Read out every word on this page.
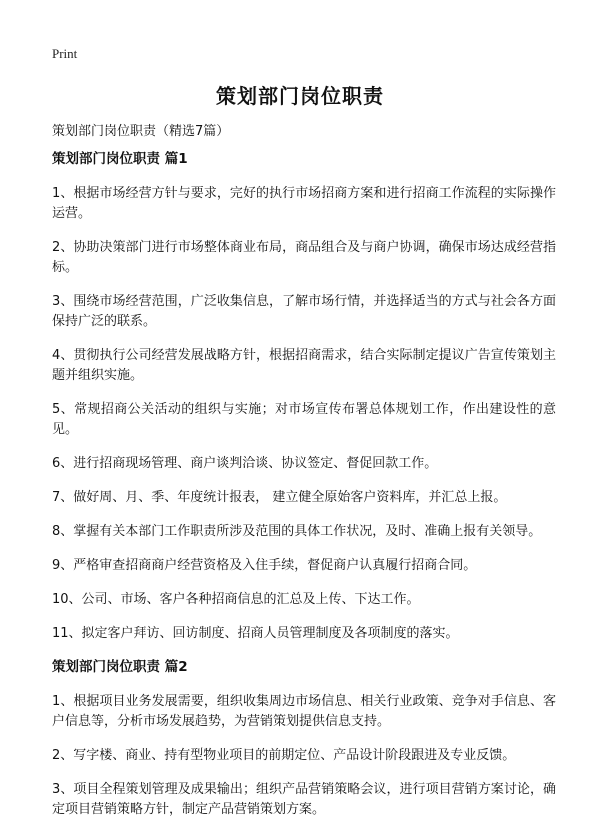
Print
策划部门岗位职责

策划部门岗位职责（精选7篇）

策划部门岗位职责 篇1

1、根据市场经营方针与要求，完好的执行市场招商方案和进行招商工作流程的实际操作运营。

2、协助决策部门进行市场整体商业布局，商品组合及与商户协调，确保市场达成经营指标。

3、围绕市场经营范围，广泛收集信息，了解市场行情，并选择适当的方式与社会各方面保持广泛的联系。

4、贯彻执行公司经营发展战略方针，根据招商需求，结合实际制定提议广告宣传策划主题并组织实施。

5、常规招商公关活动的组织与实施；对市场宣传布署总体规划工作，作出建设性的意见。

6、进行招商现场管理、商户谈判洽谈、协议签定、督促回款工作。

7、做好周、月、季、年度统计报表， 建立健全原始客户资料库，并汇总上报。

8、掌握有关本部门工作职责所涉及范围的具体工作状况，及时、准确上报有关领导。

9、严格审查招商商户经营资格及入住手续，督促商户认真履行招商合同。

10、公司、市场、客户各种招商信息的汇总及上传、下达工作。

11、拟定客户拜访、回访制度、招商人员管理制度及各项制度的落实。

策划部门岗位职责 篇2

1、根据项目业务发展需要，组织收集周边市场信息、相关行业政策、竞争对手信息、客户信息等，分析市场发展趋势，为营销策划提供信息支持。

2、写字楼、商业、持有型物业项目的前期定位、产品设计阶段跟进及专业反馈。

3、项目全程策划管理及成果输出；组织产品营销策略会议，进行项目营销方案讨论，确定项目营销策略方针，制定产品营销策划方案。
